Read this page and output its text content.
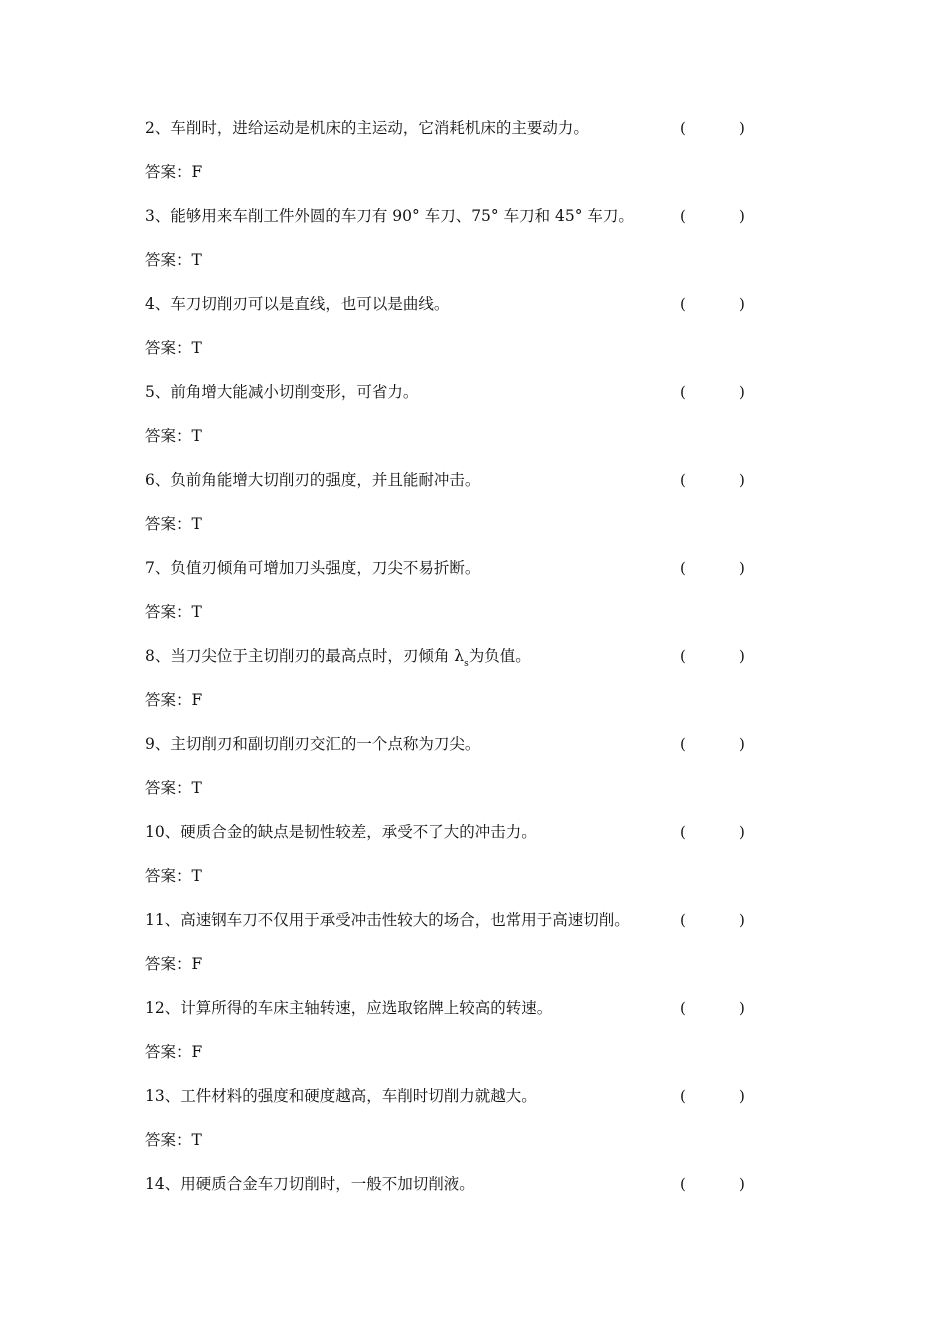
2、车削时，进给运动是机床的主运动，它消耗机床的主要动力。	(	)
答案：F
3、能够用来车削工件外圆的车刀有 90° 车刀、75° 车刀和 45° 车刀。	(	)
答案：T
4、车刀切削刃可以是直线，也可以是曲线。	(	)
答案：T
5、前角增大能减小切削变形，可省力。	(	)
答案：T
6、负前角能增大切削刃的强度，并且能耐冲击。	(	)
答案：T
7、负值刃倾角可增加刀头强度，刀尖不易折断。	(	)
答案：T
8、当刀尖位于主切削刃的最高点时，刃倾角 $\lambda_s$为负值。	(	)
答案：F
9、主切削刃和副切削刃交汇的一个点称为刀尖。	(	)
答案：T
10、硬质合金的缺点是韧性较差，承受不了大的冲击力。	(	)
答案：T
11、高速钢车刀不仅用于承受冲击性较大的场合，也常用于高速切削。	(	)
答案：F
12、计算所得的车床主轴转速，应选取铭牌上较高的转速。	(	)
答案：F
13、工件材料的强度和硬度越高，车削时切削力就越大。	(	)
答案：T
14、用硬质合金车刀切削时，一般不加切削液。	(	)
